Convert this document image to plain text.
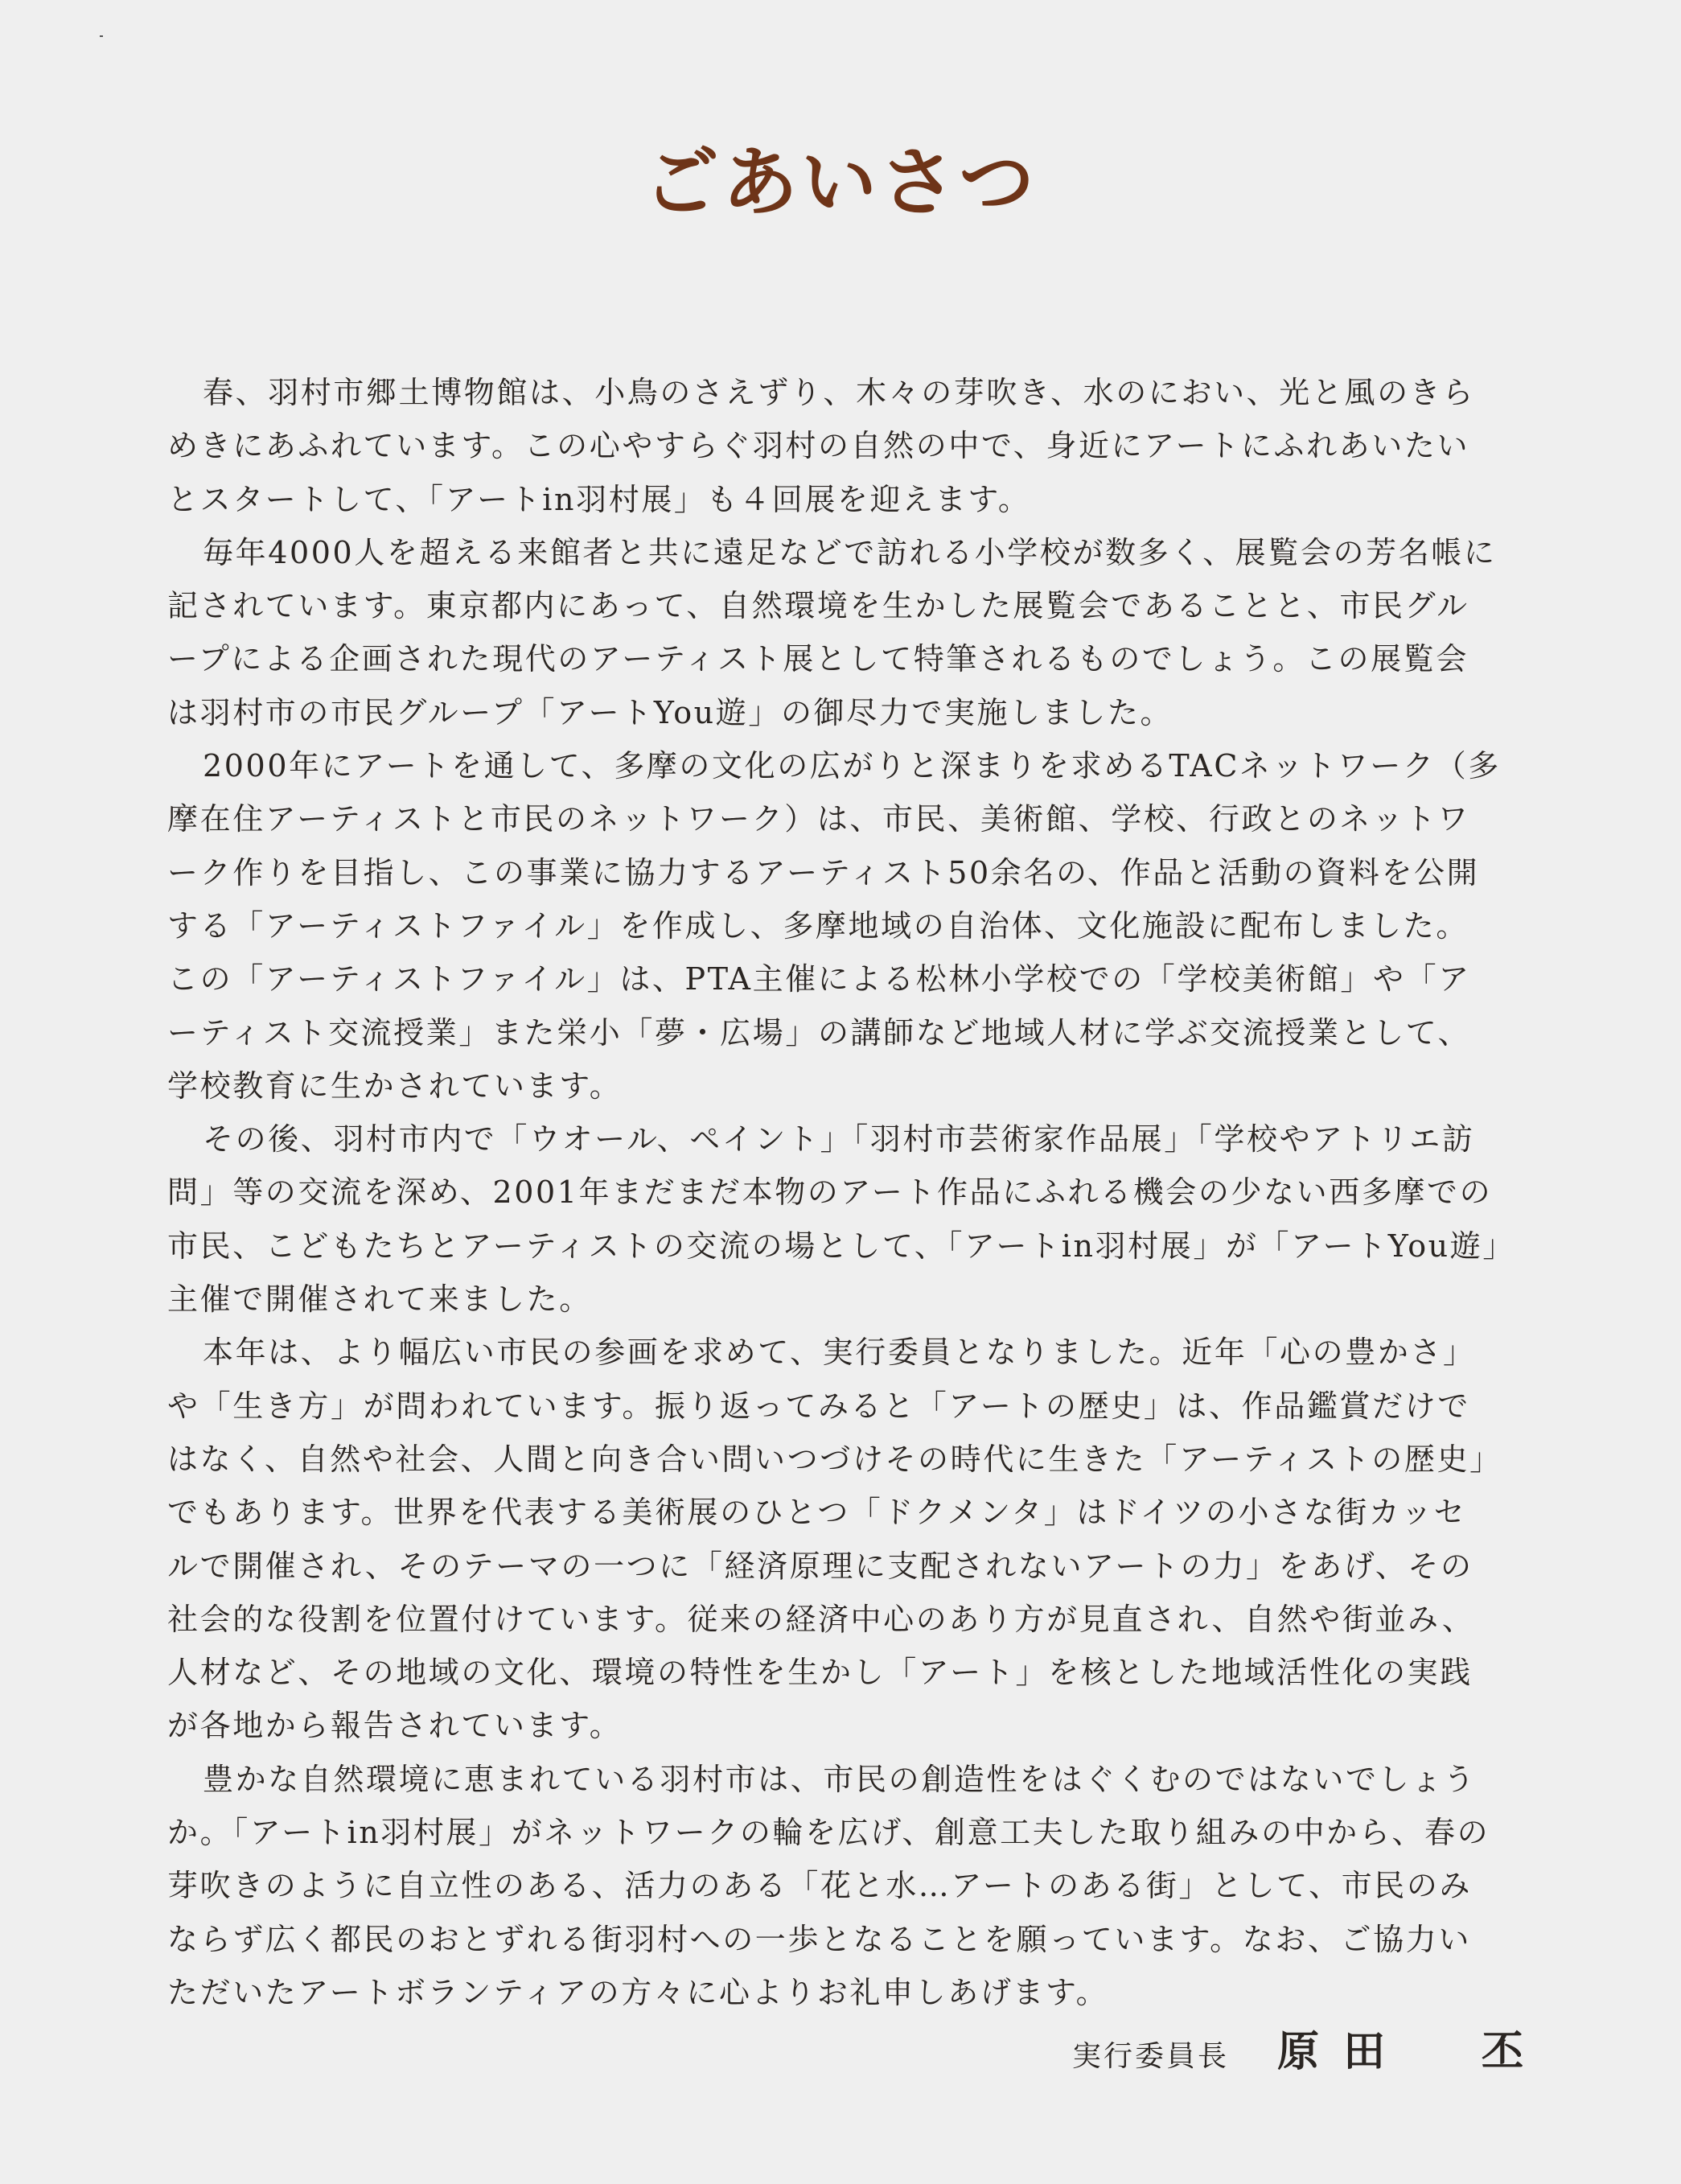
ごあいさつ
春、羽村市郷土博物館は、小鳥のさえずり、木々の芽吹き、水のにおい、光と風のきら
めきにあふれています。この心やすらぐ羽村の自然の中で、身近にアートにふれあいたい
とスタートして、「アートin羽村展」も４回展を迎えます。
毎年4000人を超える来館者と共に遠足などで訪れる小学校が数多く、展覧会の芳名帳に
記されています。東京都内にあって、自然環境を生かした展覧会であることと、市民グル
ープによる企画された現代のアーティスト展として特筆されるものでしょう。この展覧会
は羽村市の市民グループ「アートYou遊」の御尽力で実施しました。
2000年にアートを通して、多摩の文化の広がりと深まりを求めるTACネットワーク（多
摩在住アーティストと市民のネットワーク）は、市民、美術館、学校、行政とのネットワ
ーク作りを目指し、この事業に協力するアーティスト50余名の、作品と活動の資料を公開
する「アーティストファイル」を作成し、多摩地域の自治体、文化施設に配布しました。
この「アーティストファイル」は、PTA主催による松林小学校での「学校美術館」や「ア
ーティスト交流授業」また栄小「夢・広場」の講師など地域人材に学ぶ交流授業として、
学校教育に生かされています。
その後、羽村市内で「ウオール、ペイント」「羽村市芸術家作品展」「学校やアトリエ訪
問」等の交流を深め、2001年まだまだ本物のアート作品にふれる機会の少ない西多摩での
市民、こどもたちとアーティストの交流の場として、「アートin羽村展」が「アートYou遊」
主催で開催されて来ました。
本年は、より幅広い市民の参画を求めて、実行委員となりました。近年「心の豊かさ」
や「生き方」が問われています。振り返ってみると「アートの歴史」は、作品鑑賞だけで
はなく、自然や社会、人間と向き合い問いつづけその時代に生きた「アーティストの歴史」
でもあります。世界を代表する美術展のひとつ「ドクメンタ」はドイツの小さな街カッセ
ルで開催され、そのテーマの一つに「経済原理に支配されないアートの力」をあげ、その
社会的な役割を位置付けています。従来の経済中心のあり方が見直され、自然や街並み、
人材など、その地域の文化、環境の特性を生かし「アート」を核とした地域活性化の実践
が各地から報告されています。
豊かな自然環境に恵まれている羽村市は、市民の創造性をはぐくむのではないでしょう
か。「アートin羽村展」がネットワークの輪を広げ、創意工夫した取り組みの中から、春の
芽吹きのように自立性のある、活力のある「花と水…アートのある街」として、市民のみ
ならず広く都民のおとずれる街羽村への一歩となることを願っています。なお、ご協力い
ただいたアートボランティアの方々に心よりお礼申しあげます。
実行委員長 原田 丕
